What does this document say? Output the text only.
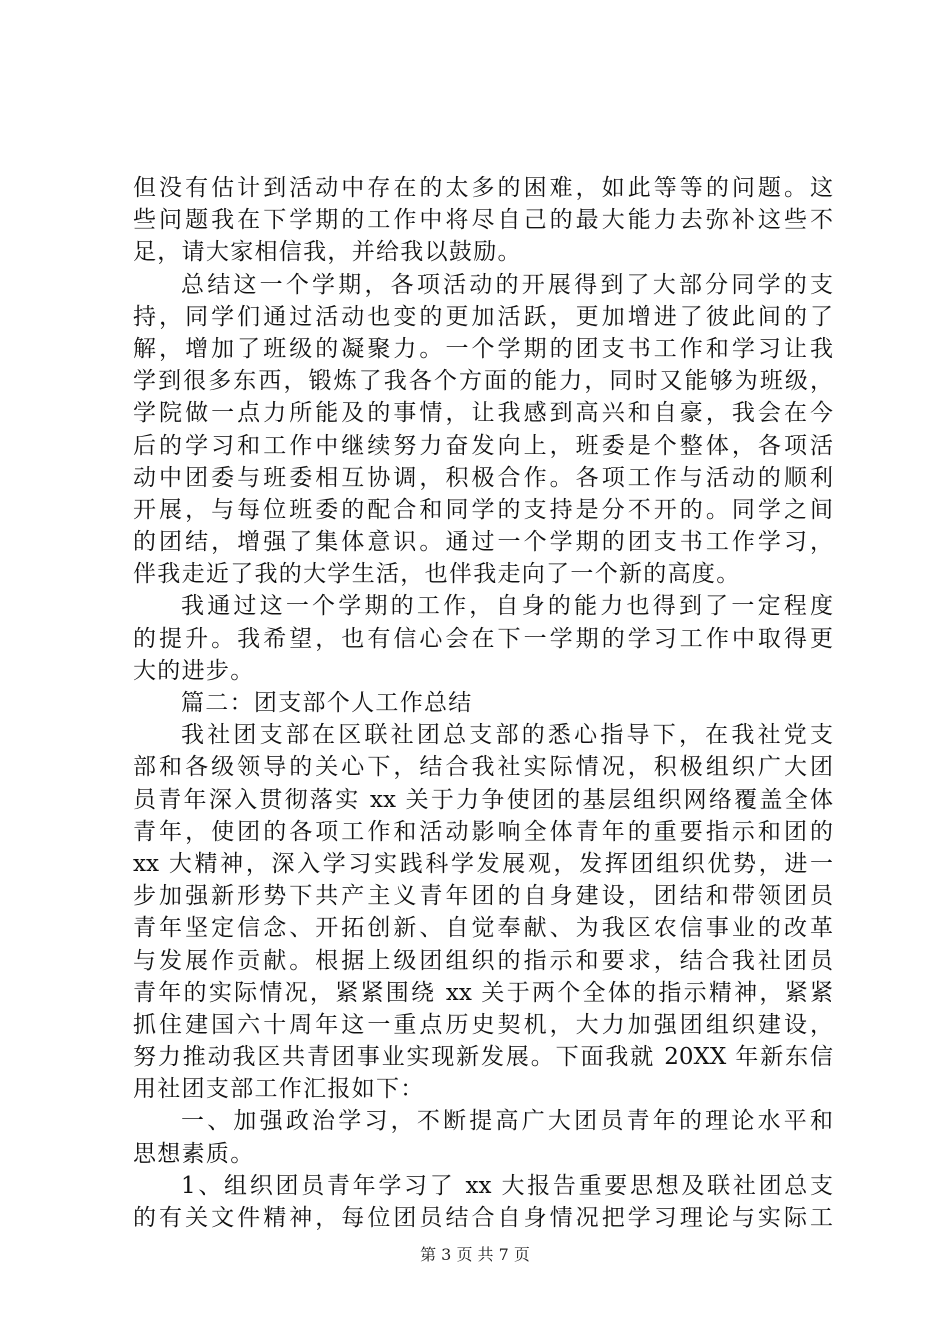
但没有估计到活动中存在的太多的困难，如此等等的问题。这
些问题我在下学期的工作中将尽自己的最大能力去弥补这些不
足，请大家相信我，并给我以鼓励。
总结这一个学期，各项活动的开展得到了大部分同学的支
持，同学们通过活动也变的更加活跃，更加增进了彼此间的了
解，增加了班级的凝聚力。一个学期的团支书工作和学习让我
学到很多东西，锻炼了我各个方面的能力，同时又能够为班级，
学院做一点力所能及的事情，让我感到高兴和自豪，我会在今
后的学习和工作中继续努力奋发向上，班委是个整体，各项活
动中团委与班委相互协调，积极合作。各项工作与活动的顺利
开展，与每位班委的配合和同学的支持是分不开的。同学之间
的团结，增强了集体意识。通过一个学期的团支书工作学习，
伴我走近了我的大学生活，也伴我走向了一个新的高度。
我通过这一个学期的工作，自身的能力也得到了一定程度
的提升。我希望，也有信心会在下一学期的学习工作中取得更
大的进步。
篇二：团支部个人工作总结
我社团支部在区联社团总支部的悉心指导下，在我社党支
部和各级领导的关心下，结合我社实际情况，积极组织广大团
员青年深入贯彻落实 xx 关于力争使团的基层组织网络覆盖全体
青年，使团的各项工作和活动影响全体青年的重要指示和团的
xx 大精神，深入学习实践科学发展观，发挥团组织优势，进一
步加强新形势下共产主义青年团的自身建设，团结和带领团员
青年坚定信念、开拓创新、自觉奉献、为我区农信事业的改革
与发展作贡献。根据上级团组织的指示和要求，结合我社团员
青年的实际情况，紧紧围绕 xx 关于两个全体的指示精神，紧紧
抓住建国六十周年这一重点历史契机，大力加强团组织建设，
努力推动我区共青团事业实现新发展。下面我就 20XX 年新东信
用社团支部工作汇报如下：
一、加强政治学习，不断提高广大团员青年的理论水平和
思想素质。
1、组织团员青年学习了 xx 大报告重要思想及联社团总支
的有关文件精神，每位团员结合自身情况把学习理论与实际工
第 3 页 共 7 页
